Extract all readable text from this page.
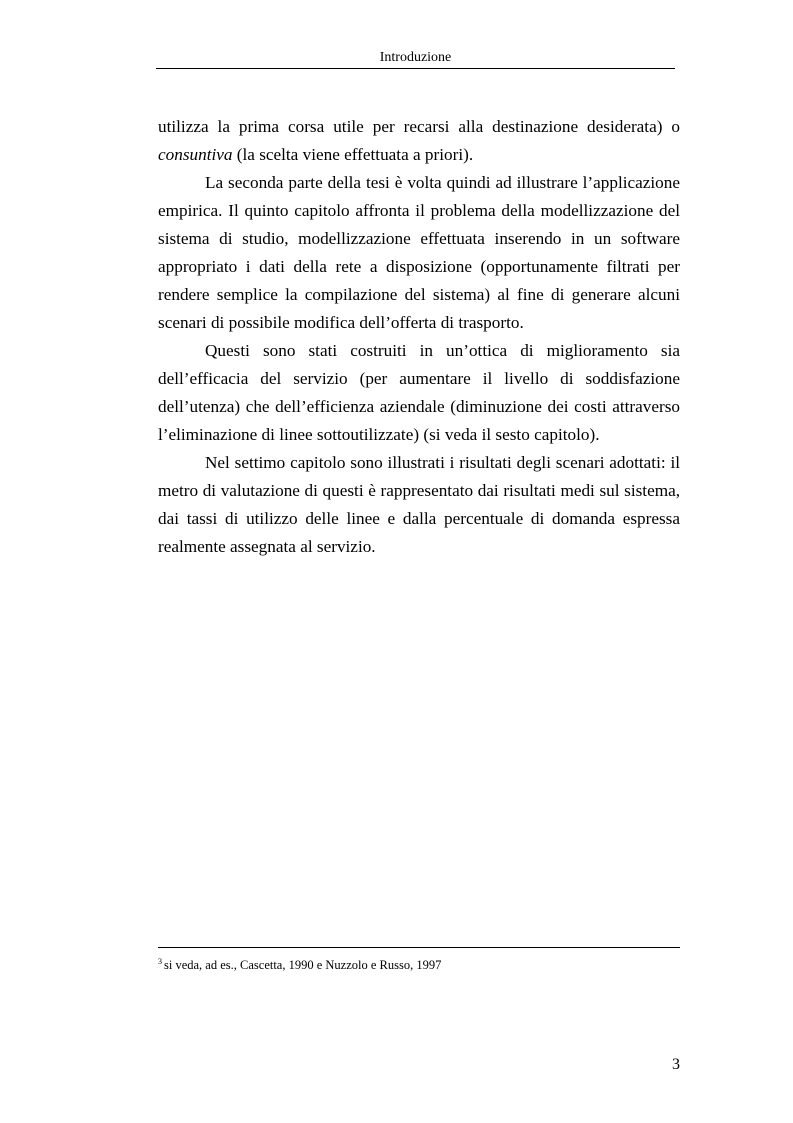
Introduzione

utilizza la prima corsa utile per recarsi alla destinazione desiderata) o consuntiva (la scelta viene effettuata a priori).

La seconda parte della tesi è volta quindi ad illustrare l’applicazione empirica. Il quinto capitolo affronta il problema della modellizzazione del sistema di studio, modellizzazione effettuata inserendo in un software appropriato i dati della rete a disposizione (opportunamente filtrati per rendere semplice la compilazione del sistema) al fine di generare alcuni scenari di possibile modifica dell’offerta di trasporto.

Questi sono stati costruiti in un’ottica di miglioramento sia dell’efficacia del servizio (per aumentare il livello di soddisfazione dell’utenza) che dell’efficienza aziendale (diminuzione dei costi attraverso l’eliminazione di linee sottoutilizzate) (si veda il sesto capitolo).

Nel settimo capitolo sono illustrati i risultati degli scenari adottati: il metro di valutazione di questi è rappresentato dai risultati medi sul sistema, dai tassi di utilizzo delle linee e dalla percentuale di domanda espressa realmente assegnata al servizio.

$^3$ si veda, ad es., Cascetta, 1990 e Nuzzolo e Russo, 1997
3
